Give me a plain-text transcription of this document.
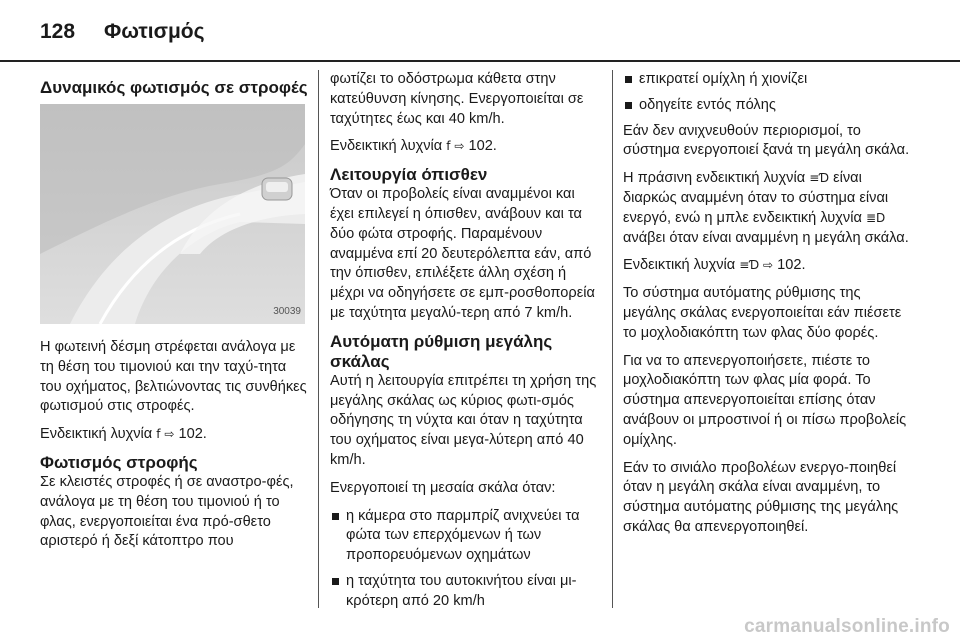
128 Φωτισμός
Δυναμικός φωτισμός σε στροφές
30039

Η φωτεινή δέσμη στρέφεται ανάλογα με τη θέση του τιμονιού και την ταχύ-τητα του οχήματος, βελτιώνοντας τις συνθήκες φωτισμού στις στροφές.

Ενδεικτική λυχνία f ⇨ 102.

Φωτισμός στροφής

Σε κλειστές στροφές ή σε αναστρο-φές, ανάλογα με τη θέση του τιμονιού ή το φλας, ενεργοποιείται ένα πρό-σθετο αριστερό ή δεξί κάτοπτρο που

φωτίζει το οδόστρωμα κάθετα στην κατεύθυνση κίνησης. Ενεργοποιείται σε ταχύτητες έως και 40 km/h.

Ενδεικτική λυχνία f ⇨ 102.

Λειτουργία όπισθεν

Όταν οι προβολείς είναι αναμμένοι και έχει επιλεγεί η όπισθεν, ανάβουν και τα δύο φώτα στροφής. Παραμένουν αναμμένα επί 20 δευτερόλεπτα εάν, από την όπισθεν, επιλέξετε άλλη σχέση ή μέχρι να οδηγήσετε σε εμπ-ροσθοπορεία με ταχύτητα μεγαλύ-τερη από 7 km/h.

Αυτόματη ρύθμιση μεγάλης σκάλας

Αυτή η λειτουργία επιτρέπει τη χρήση της μεγάλης σκάλας ως κύριος φωτι-σμός οδήγησης τη νύχτα και όταν η ταχύτητα του οχήματος είναι μεγα-λύτερη από 40 km/h.

Ενεργοποιεί τη μεσαία σκάλα όταν:

η κάμερα στο παρμπρίζ ανιχνεύει τα φώτα των επερχόμενων ή των προπορευόμενων οχημάτων
η ταχύτητα του αυτοκινήτου είναι μι-κρότερη από 20 km/h
επικρατεί ομίχλη ή χιονίζει
οδηγείτε εντός πόλης

Εάν δεν ανιχνευθούν περιορισμοί, το σύστημα ενεργοποιεί ξανά τη μεγάλη σκάλα.

Η πράσινη ενδεικτική λυχνία ≡Ɗ είναι διαρκώς αναμμένη όταν το σύστημα είναι ενεργό, ενώ η μπλε ενδεικτική λυχνία ≣D ανάβει όταν είναι αναμμένη η μεγάλη σκάλα.

Ενδεικτική λυχνία ≡Ɗ ⇨ 102.

Το σύστημα αυτόματης ρύθμισης της μεγάλης σκάλας ενεργοποιείται εάν πιέσετε το μοχλοδιακόπτη των φλας δύο φορές.

Για να το απενεργοποιήσετε, πιέστε το μοχλοδιακόπτη των φλας μία φορά. Το σύστημα απενεργοποιείται επίσης όταν ανάβουν οι μπροστινοί ή οι πίσω προβολείς ομίχλης.

Εάν το σινιάλο προβολέων ενεργο-ποιηθεί όταν η μεγάλη σκάλα είναι αναμμένη, το σύστημα αυτόματης ρύθμισης της μεγάλης σκάλας θα απενεργοποιηθεί.

carmanualsonline.info
